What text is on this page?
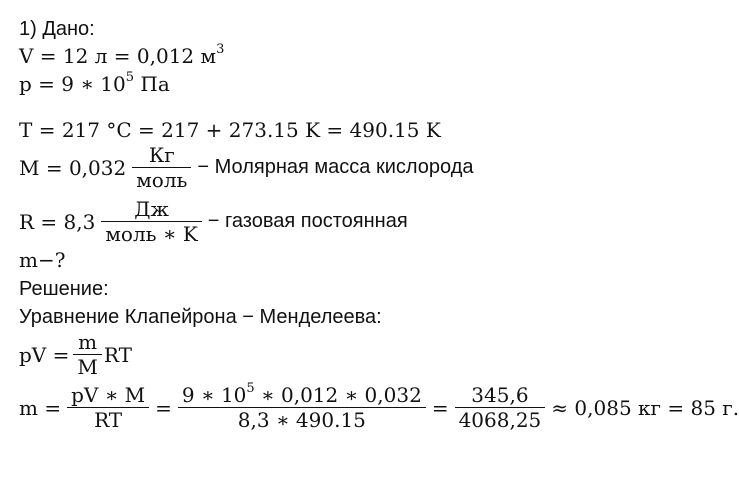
1) Дано:
V = 12 л = 0,012 $м^3$
p = 9 ∗ $10^5$ Па
T = 217 °C = 217 + 273.15 K = 490.15 K
$M = 0,032 \frac{Кг}{\text{моль}}$ − Молярная масса кислорода
$R = 8,3 \frac{Дж}{\text{моль ∗ K}}$ − газовая постоянная
m−?
Решение:
Уравнение Клапейрона − Менделеева:
pV = $\frac{m}{M}$ RT
$m = \frac{pV ∗ M}{RT} = \frac{9 ∗ 10^5 ∗ 0,012 ∗ 0,032}{8,3 ∗ 490.15} = \frac{345,6}{4068,25} \approx 0,085$ кг = 85 г.
